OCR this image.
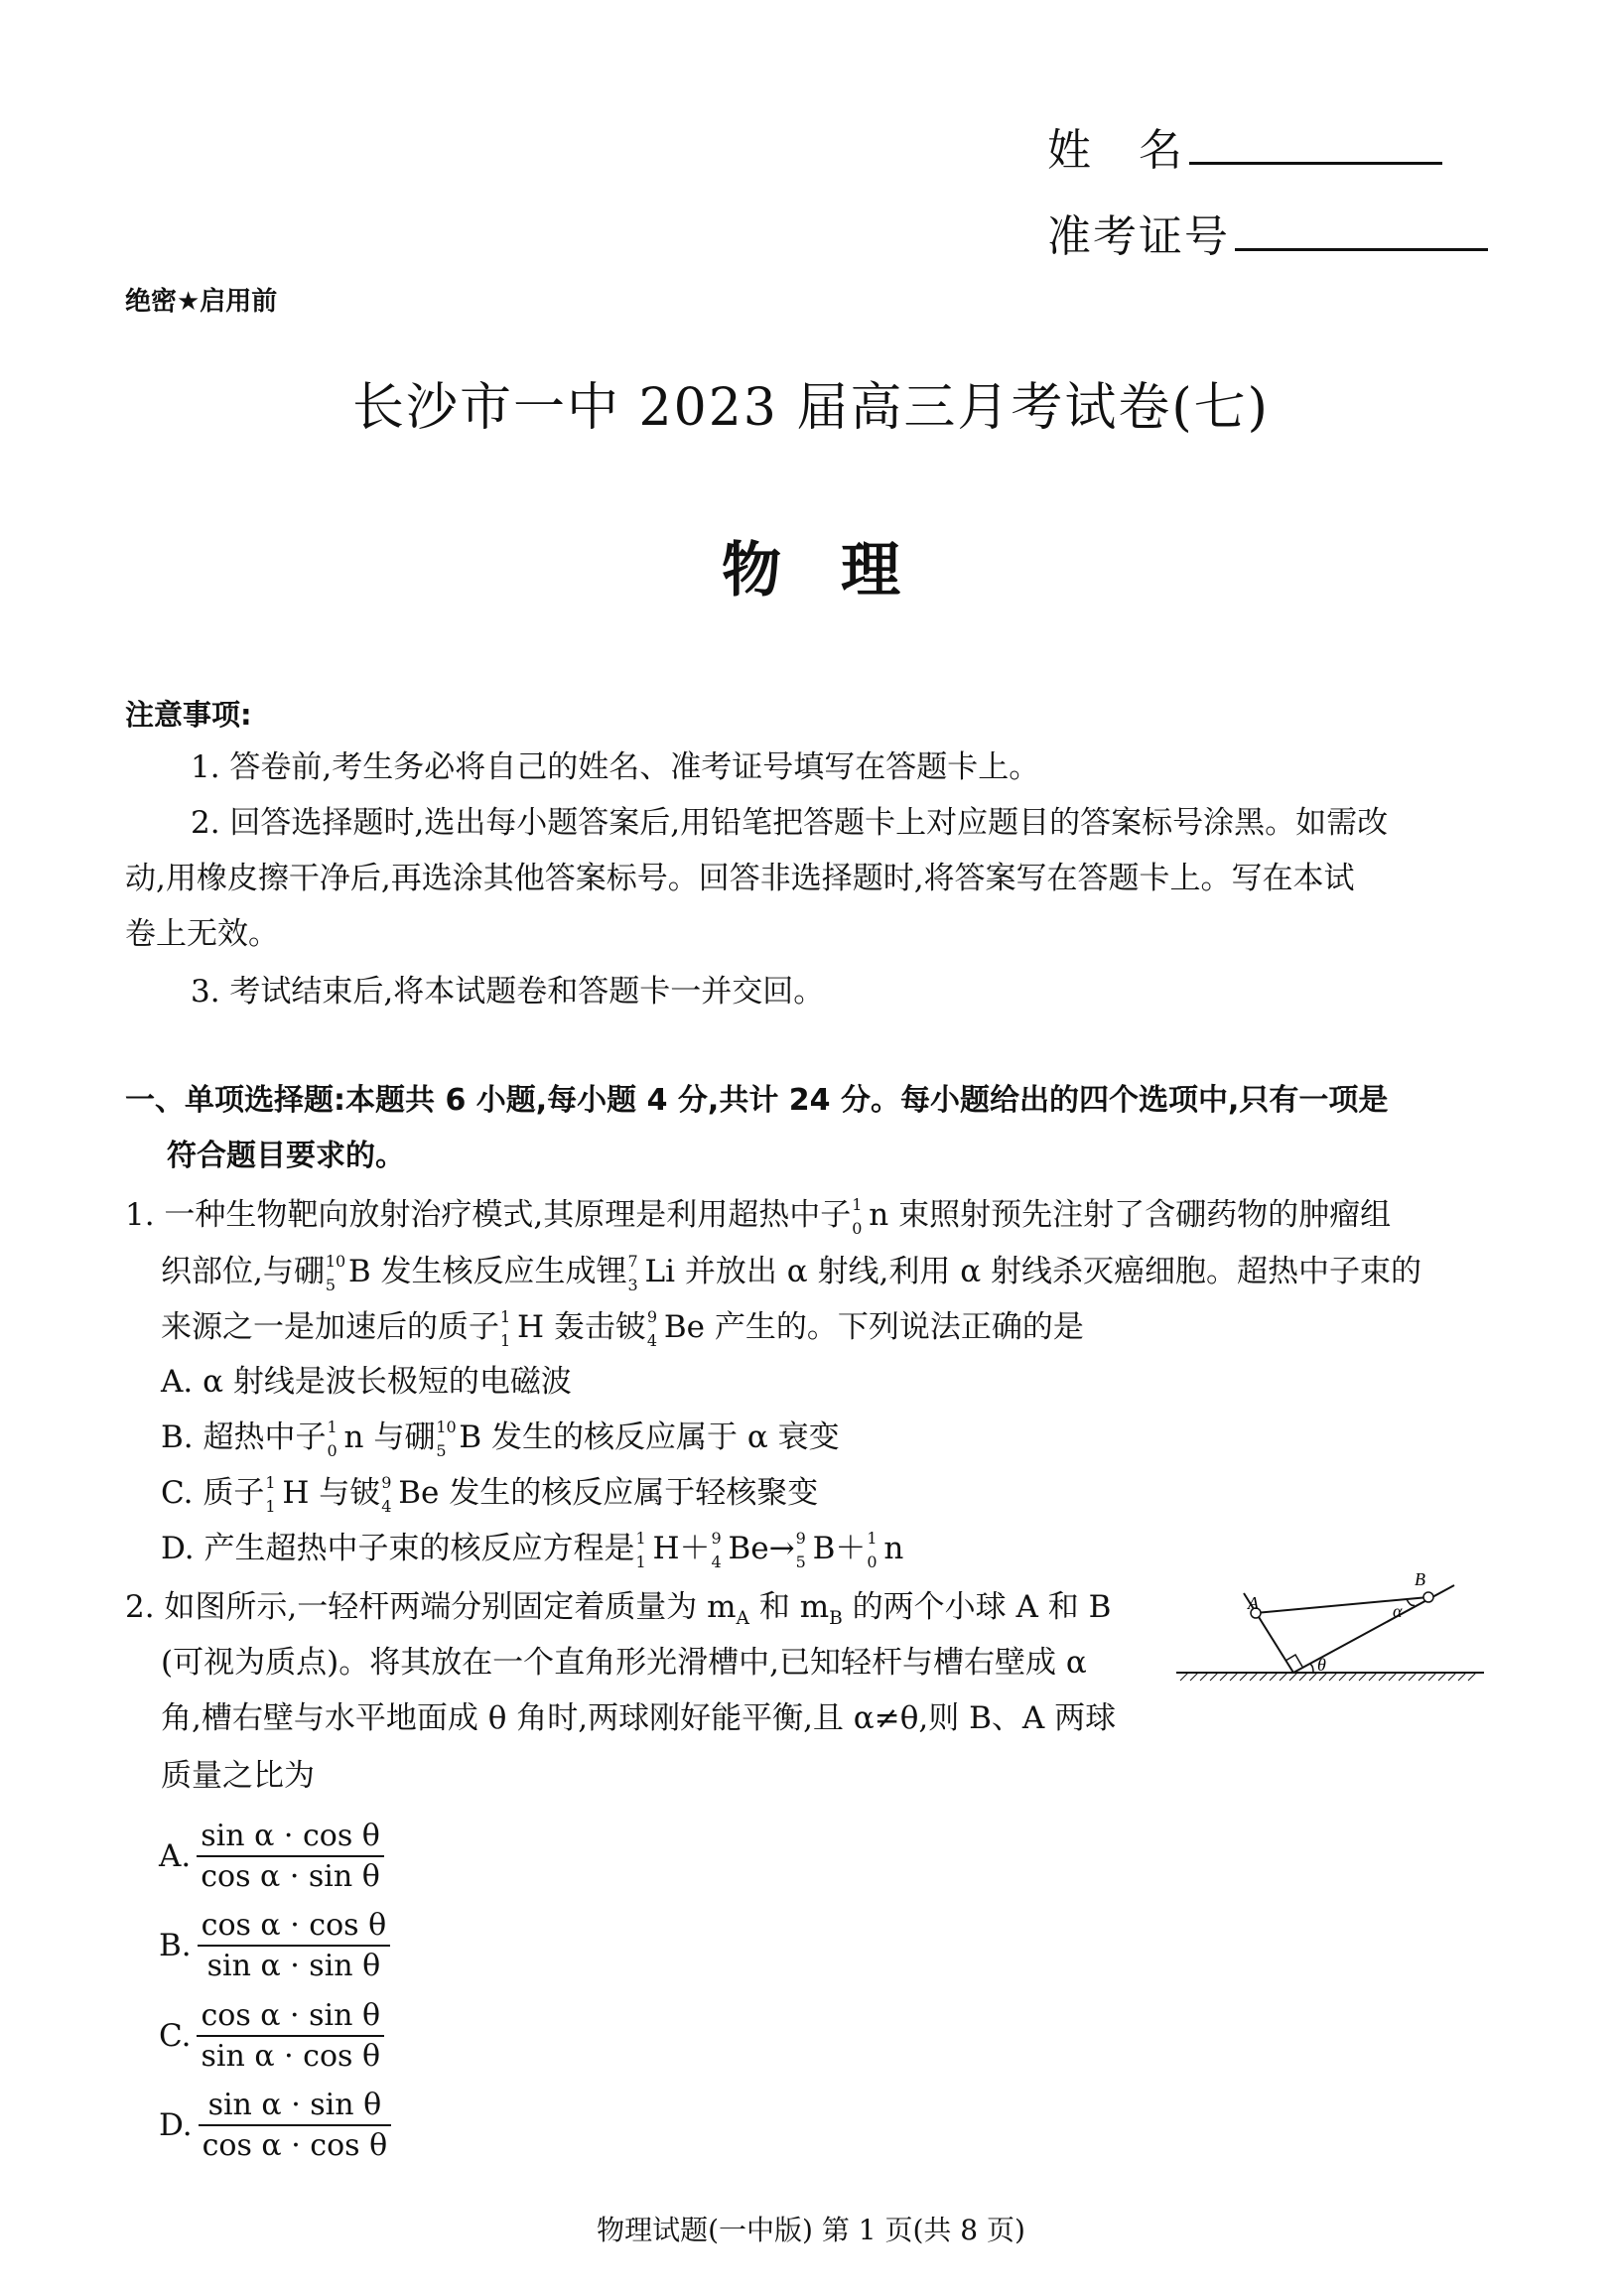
姓　名
准考证号
绝密★启用前
长沙市一中 2023 届高三月考试卷(七)
物理
注意事项:
1. 答卷前,考生务必将自己的姓名、准考证号填写在答题卡上。
2. 回答选择题时,选出每小题答案后,用铅笔把答题卡上对应题目的答案标号涂黑。如需改
动,用橡皮擦干净后,再选涂其他答案标号。回答非选择题时,将答案写在答题卡上。写在本试
卷上无效。
3. 考试结束后,将本试题卷和答题卡一并交回。
一、单项选择题:本题共 6 小题,每小题 4 分,共计 24 分。每小题给出的四个选项中,只有一项是
符合题目要求的。
1. 一种生物靶向放射治疗模式,其原理是利用超热中子 1
0 n 束照射预先注射了含硼药物的肿瘤组
织部位,与硼 10
5 B 发生核反应生成锂 7
3 Li 并放出 α 射线,利用 α 射线杀灭癌细胞。超热中子束的
来源之一是加速后的质子 1
1 H 轰击铍 9
4 Be 产生的。下列说法正确的是
A. α 射线是波长极短的电磁波
B. 超热中子 1
0 n 与硼 10
5 B 发生的核反应属于 α 衰变
C. 质子 1
1 H 与铍 9
4 Be 发生的核反应属于轻核聚变
D. 产生超热中子束的核反应方程是 1
1 H＋ 9
4 Be→ 9
5 B＋ 1
0 n
2. 如图所示,一轻杆两端分别固定着质量为 $m_A$ 和 $m_B$ 的两个小球 A 和 B
(可视为质点)。将其放在一个直角形光滑槽中,已知轻杆与槽右壁成 α
角,槽右壁与水平地面成 θ 角时,两球刚好能平衡,且 α≠θ,则 B、A 两球
质量之比为
A
B
α
θ
A. $\frac{\text{sin α · cos θ}}{\text{cos α · sin θ}}$
B. $\frac{\text{cos α · cos θ}}{\text{sin α · sin θ}}$
C. $\frac{\text{cos α · sin θ}}{\text{sin α · cos θ}}$
D. $\frac{\text{sin α · sin θ}}{\text{cos α · cos θ}}$
物理试题(一中版) 第 1 页(共 8 页)
